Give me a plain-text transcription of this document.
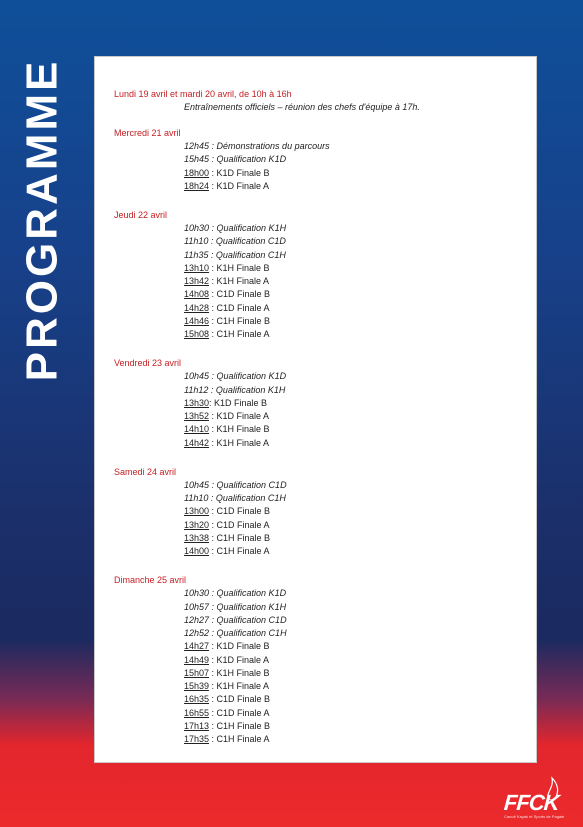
PROGRAMME	Lundi 19 avril et mardi 20 avril, de 10h à 16h
Entraînements officiels – réunion des chefs d'équipe à 17h.
Mercredi 21 avril
12h45 : Démonstrations du parcours
15h45 : Qualification K1D
18h00 : K1D Finale B
18h24 : K1D Finale A
Jeudi 22 avril
10h30 : Qualification K1H
11h10 : Qualification C1D
11h35 : Qualification C1H
13h10 : K1H Finale B
13h42 : K1H Finale A
14h08 : C1D Finale B
14h28 : C1D Finale A
14h46 : C1H Finale B
15h08 : C1H Finale A
Vendredi 23 avril
10h45 : Qualification K1D
11h12 : Qualification K1H
13h30: K1D Finale B
13h52 : K1D Finale A
14h10 : K1H Finale B
14h42 : K1H Finale A
Samedi 24 avril
10h45 : Qualification C1D
11h10 : Qualification C1H
13h00 : C1D Finale B
13h20 : C1D Finale A
13h38 : C1H Finale B
14h00 : C1H Finale A
Dimanche 25 avril
10h30 : Qualification K1D
10h57 : Qualification K1H
12h27 : Qualification C1D
12h52 : Qualification C1H
14h27 : K1D Finale B
14h49 : K1D Finale A
15h07 : K1H Finale B
15h39 : K1H Finale A
16h35 : C1D Finale B
16h55 : C1D Finale A
17h13 : C1H Finale B
17h35 : C1H Finale A
FFCK
Canoë Kayak et Sports de Pagaie
